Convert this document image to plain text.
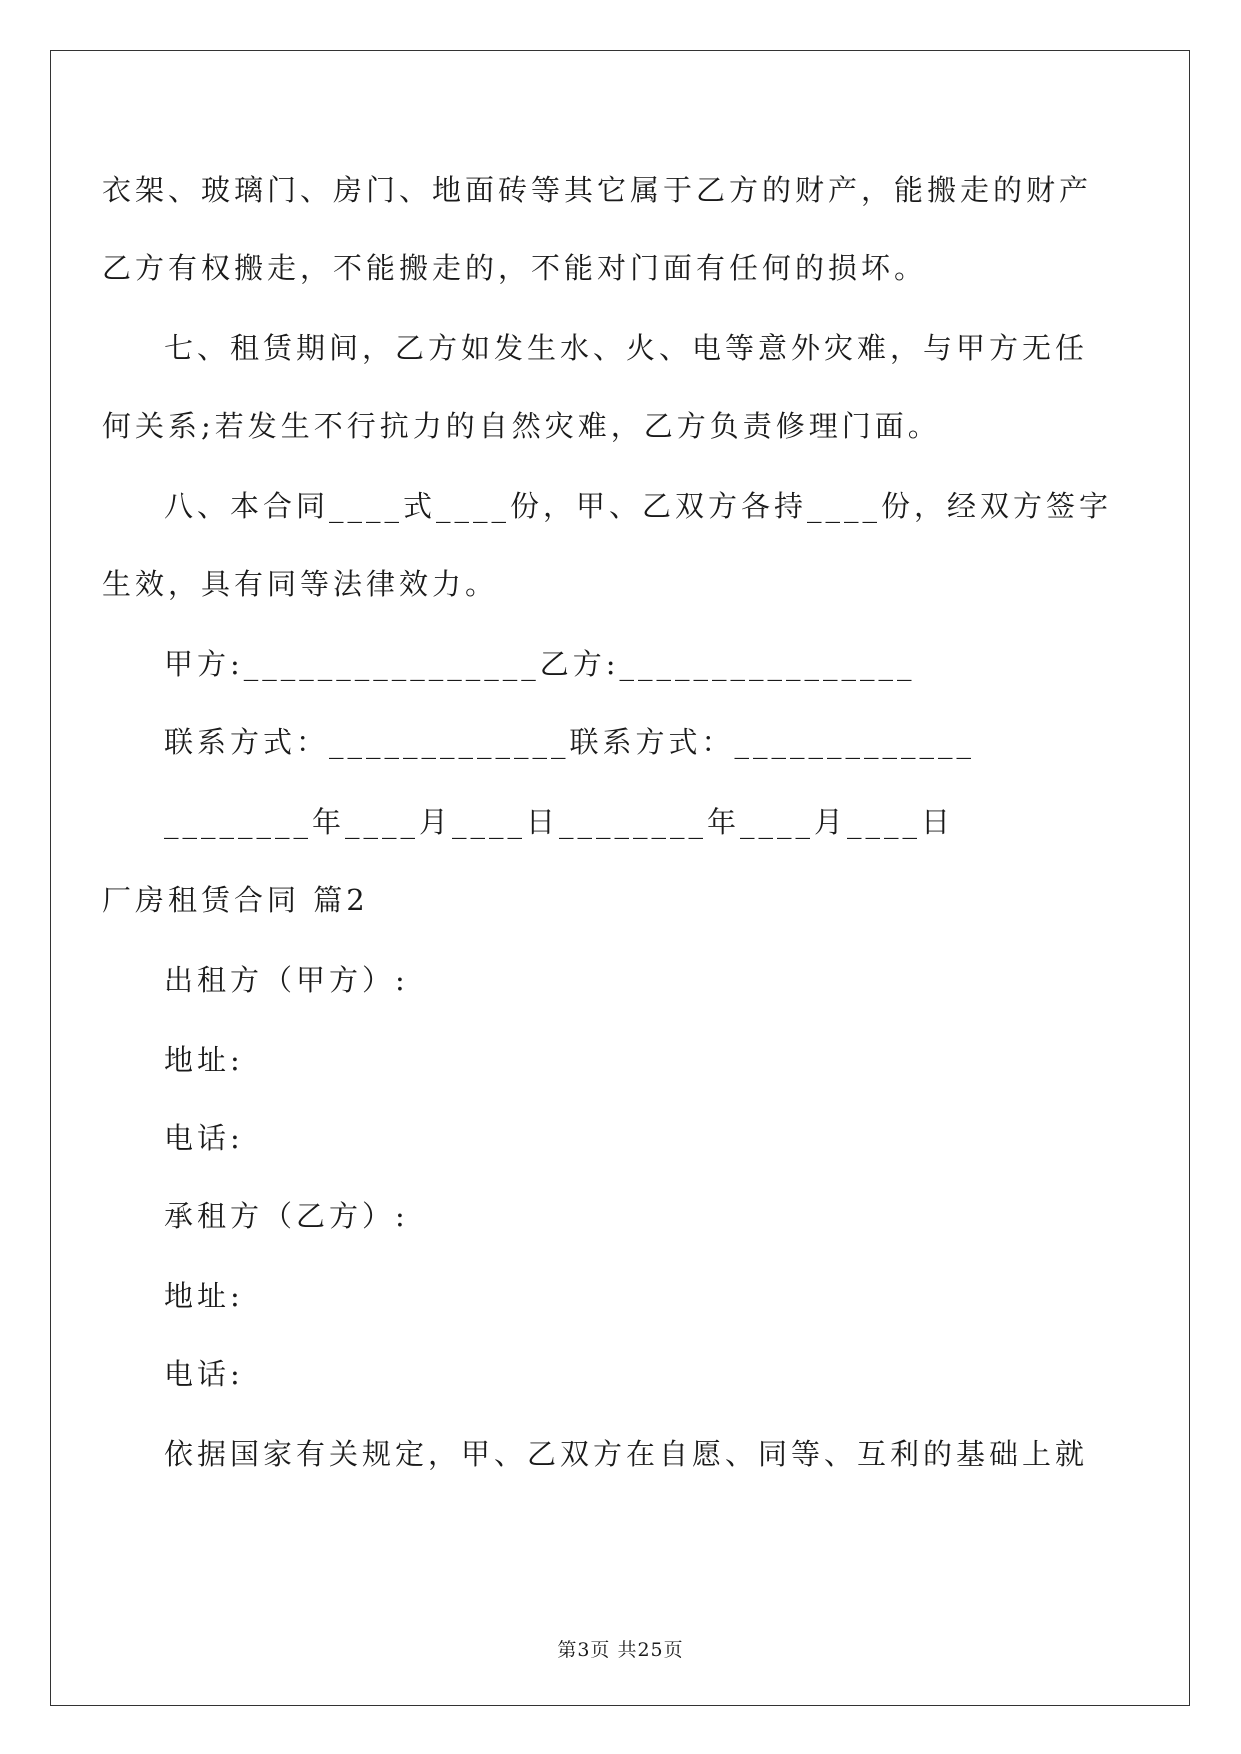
衣架、玻璃门、房门、地面砖等其它属于乙方的财产，能搬走的财产
乙方有权搬走，不能搬走的，不能对门面有任何的损坏。
七、租赁期间，乙方如发生水、火、电等意外灾难，与甲方无任
何关系;若发生不行抗力的自然灾难，乙方负责修理门面。
八、本合同____式____份，甲、乙双方各持____份，经双方签字
生效，具有同等法律效力。
甲方:________________乙方:________________
联系方式：_____________联系方式：_____________
________年____月____日________年____月____日
厂房租赁合同 篇2
出租方（甲方）:
地址:
电话:
承租方（乙方）:
地址:
电话:
依据国家有关规定，甲、乙双方在自愿、同等、互利的基础上就
第3页 共25页
